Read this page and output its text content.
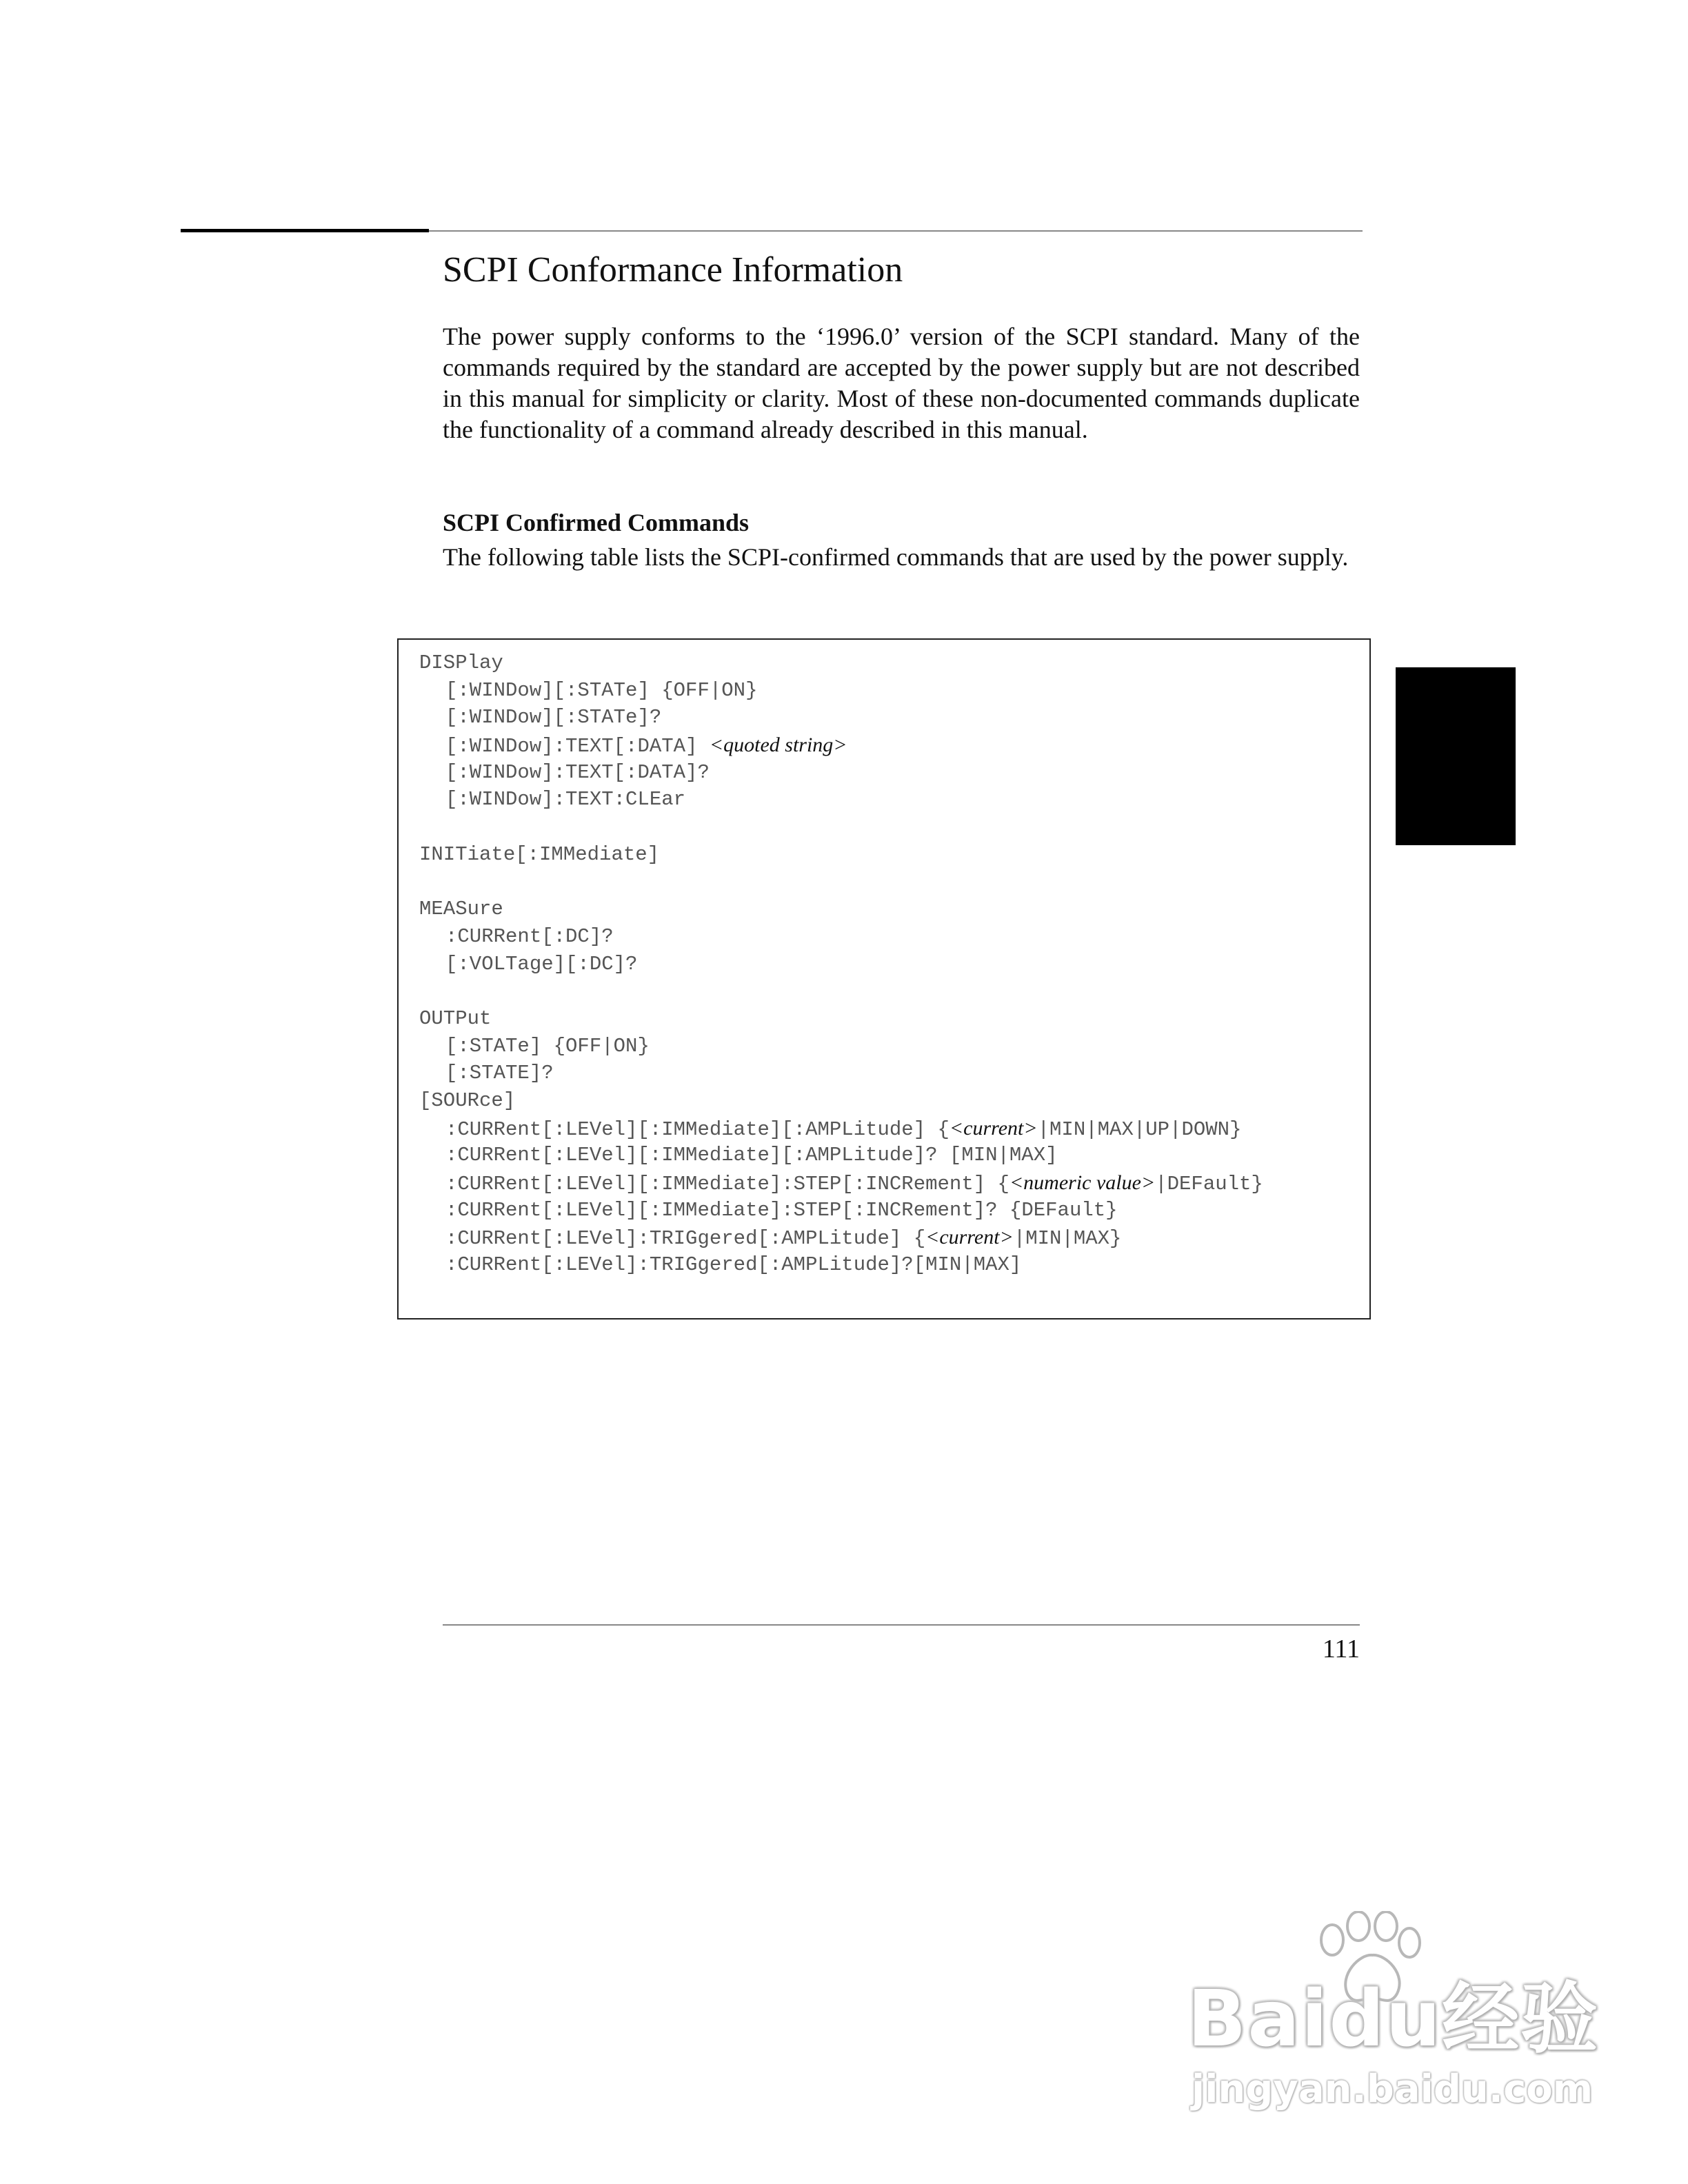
SCPI Conformance Information

The power supply conforms to the ‘1996.0’ version of the SCPI standard. Many of the commands required by the standard are accepted by the power supply but are not described in this manual for simplicity or clarity. Most of these non-documented commands duplicate the functionality of a command already described in this manual.

SCPI Confirmed Commands

The following table lists the SCPI-confirmed commands that are used by the power supply.

DISPlay
[:WINDow][:STATe] {OFF|ON}
[:WINDow][:STATe]?
[:WINDow]:TEXT[:DATA] <quoted string>
[:WINDow]:TEXT[:DATA]?
[:WINDow]:TEXT:CLEar
INITiate[:IMMediate]
MEASure
:CURRent[:DC]?
[:VOLTage][:DC]?
OUTPut
[:STATe] {OFF|ON}
[:STATE]?
[SOURce]
:CURRent[:LEVel][:IMMediate][:AMPLitude] {<current>|MIN|MAX|UP|DOWN}
:CURRent[:LEVel][:IMMediate][:AMPLitude]? [MIN|MAX]
:CURRent[:LEVel][:IMMediate]:STEP[:INCRement] {<numeric value>|DEFault}
:CURRent[:LEVel][:IMMediate]:STEP[:INCRement]? {DEFault}
:CURRent[:LEVel]:TRIGgered[:AMPLitude] {<current>|MIN|MAX}
:CURRent[:LEVel]:TRIGgered[:AMPLitude]?[MIN|MAX]

111

Baidu经验
jingyan.baidu.com
